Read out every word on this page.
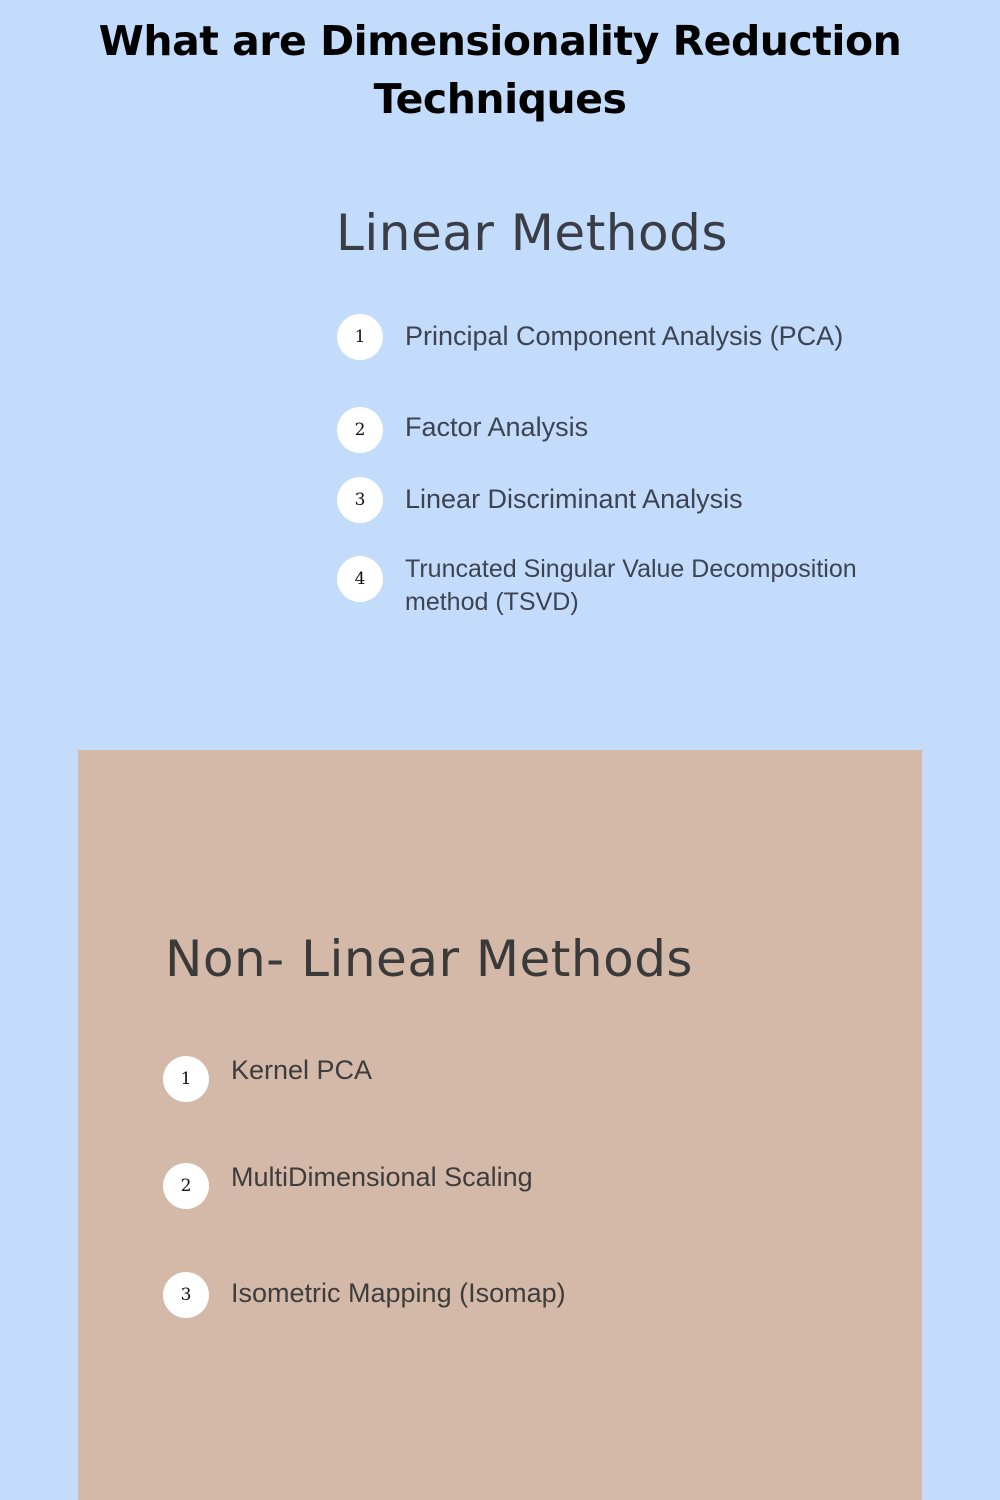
What are Dimensionality Reduction Techniques
Linear Methods
1	Principal Component Analysis (PCA)
2	Factor Analysis
3	Linear Discriminant Analysis
4	Truncated Singular Value Decomposition method (TSVD)
Non- Linear Methods
1	Kernel PCA
2	MultiDimensional Scaling
3	Isometric Mapping (Isomap)
